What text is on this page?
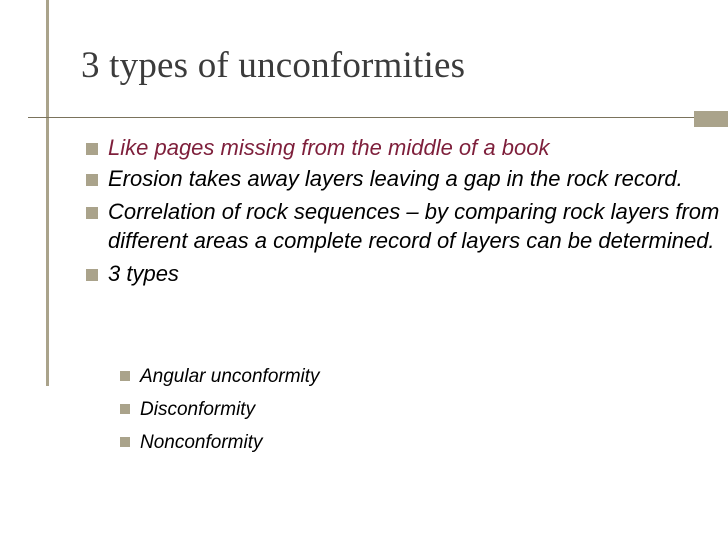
3 types of unconformities
Like pages missing from the middle of a book
Erosion takes away layers leaving a gap in the rock record.
Correlation of rock sequences – by comparing rock layers from different areas a complete record of layers can be determined.
3 types
Angular unconformity
Disconformity
Nonconformity
